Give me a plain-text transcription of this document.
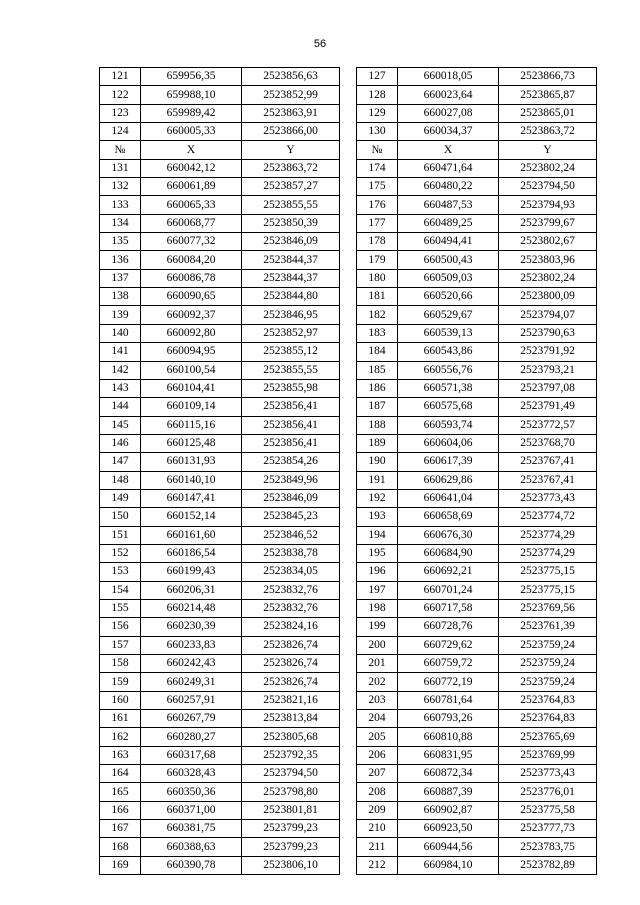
56
121	659956,35	2523856,63		127	660018,05	2523866,73
122	659988,10	2523852,99		128	660023,64	2523865,87
123	659989,42	2523863,91		129	660027,08	2523865,01
124	660005,33	2523866,00		130	660034,37	2523863,72
№	X	Y		№	X	Y
131	660042,12	2523863,72		174	660471,64	2523802,24
132	660061,89	2523857,27		175	660480,22	2523794,50
133	660065,33	2523855,55		176	660487,53	2523794,93
134	660068,77	2523850,39		177	660489,25	2523799,67
135	660077,32	2523846,09		178	660494,41	2523802,67
136	660084,20	2523844,37		179	660500,43	2523803,96
137	660086,78	2523844,37		180	660509,03	2523802,24
138	660090,65	2523844,80		181	660520,66	2523800,09
139	660092,37	2523846,95		182	660529,67	2523794,07
140	660092,80	2523852,97		183	660539,13	2523790,63
141	660094,95	2523855,12		184	660543,86	2523791,92
142	660100,54	2523855,55		185	660556,76	2523793,21
143	660104,41	2523855,98		186	660571,38	2523797,08
144	660109,14	2523856,41		187	660575,68	2523791,49
145	660115,16	2523856,41		188	660593,74	2523772,57
146	660125,48	2523856,41		189	660604,06	2523768,70
147	660131,93	2523854,26		190	660617,39	2523767,41
148	660140,10	2523849,96		191	660629,86	2523767,41
149	660147,41	2523846,09		192	660641,04	2523773,43
150	660152,14	2523845,23		193	660658,69	2523774,72
151	660161,60	2523846,52		194	660676,30	2523774,29
152	660186,54	2523838,78		195	660684,90	2523774,29
153	660199,43	2523834,05		196	660692,21	2523775,15
154	660206,31	2523832,76		197	660701,24	2523775,15
155	660214,48	2523832,76		198	660717,58	2523769,56
156	660230,39	2523824,16		199	660728,76	2523761,39
157	660233,83	2523826,74		200	660729,62	2523759,24
158	660242,43	2523826,74		201	660759,72	2523759,24
159	660249,31	2523826,74		202	660772,19	2523759,24
160	660257,91	2523821,16		203	660781,64	2523764,83
161	660267,79	2523813,84		204	660793,26	2523764,83
162	660280,27	2523805,68		205	660810,88	2523765,69
163	660317,68	2523792,35		206	660831,95	2523769,99
164	660328,43	2523794,50		207	660872,34	2523773,43
165	660350,36	2523798,80		208	660887,39	2523776,01
166	660371,00	2523801,81		209	660902,87	2523775,58
167	660381,75	2523799,23		210	660923,50	2523777,73
168	660388,63	2523799,23		211	660944,56	2523783,75
169	660390,78	2523806,10		212	660984,10	2523782,89
